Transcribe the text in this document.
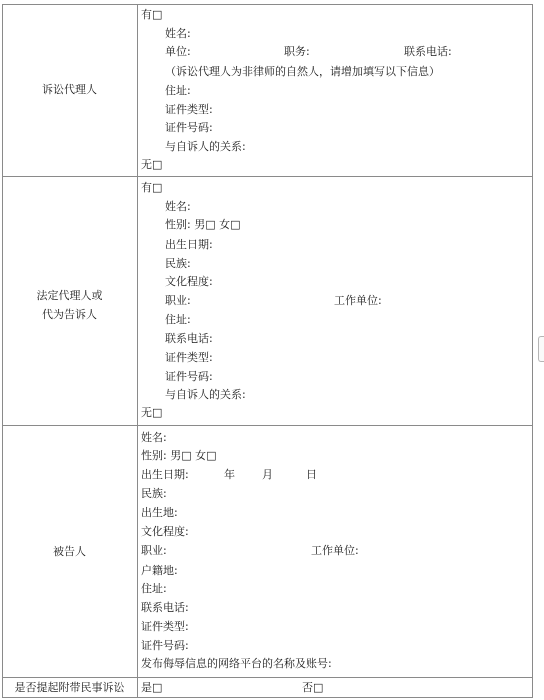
诉讼代理人
有□
姓名:
单位:	职务:	联系电话:
（诉讼代理人为非律师的自然人，请增加填写以下信息）
住址:
证件类型:
证件号码:
与自诉人的关系:
无□
法定代理人或
代为告诉人
有□
姓名:
性别: 男□ 女□
出生日期:
民族:
文化程度:
职业:	工作单位:
住址:
联系电话:
证件类型:
证件号码:
与自诉人的关系:
无□
被告人
姓名:
性别: 男□ 女□
出生日期:	年 月	日
民族:
出生地:
文化程度:
职业:	工作单位:
户籍地:
住址:
联系电话:
证件类型:
证件号码:
发布侮辱信息的网络平台的名称及账号:
是否提起附带民事诉讼	是□	否□
